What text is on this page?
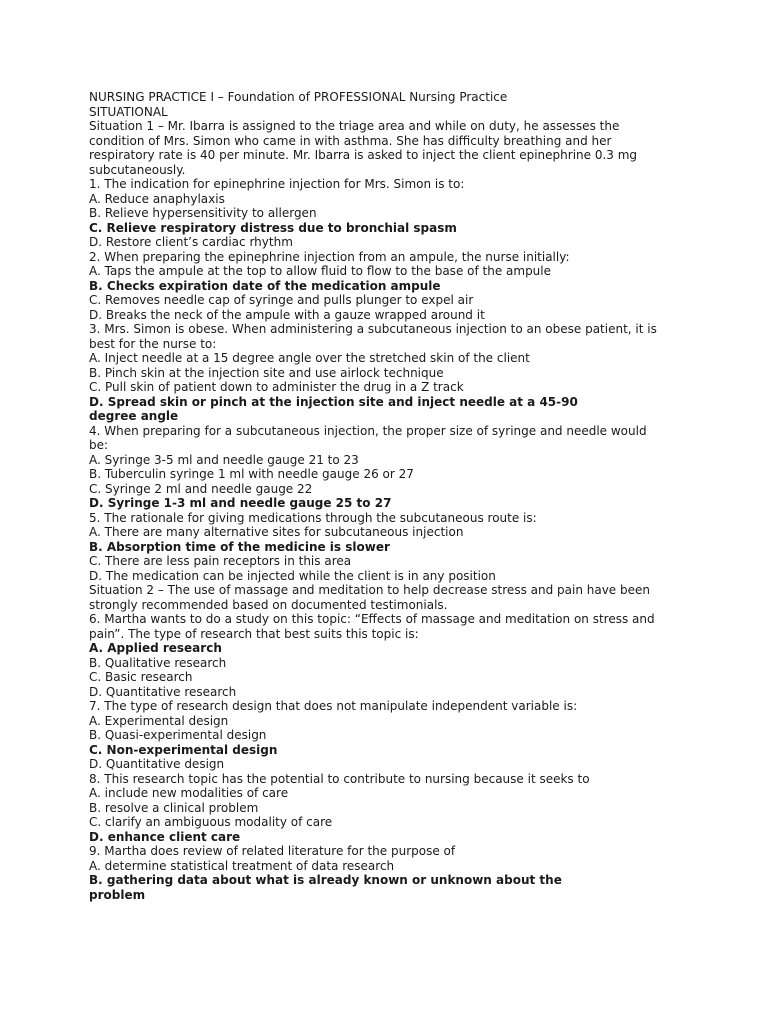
NURSING PRACTICE I – Foundation of PROFESSIONAL Nursing Practice
SITUATIONAL
Situation 1 – Mr. Ibarra is assigned to the triage area and while on duty, he assesses the condition of Mrs. Simon who came in with asthma. She has difficulty breathing and her respiratory rate is 40 per minute. Mr. Ibarra is asked to inject the client epinephrine 0.3 mg subcutaneously.
1. The indication for epinephrine injection for Mrs. Simon is to:
A. Reduce anaphylaxis
B. Relieve hypersensitivity to allergen
C. Relieve respiratory distress due to bronchial spasm
D. Restore client’s cardiac rhythm
2. When preparing the epinephrine injection from an ampule, the nurse initially:
A. Taps the ampule at the top to allow fluid to flow to the base of the ampule
B. Checks expiration date of the medication ampule
C. Removes needle cap of syringe and pulls plunger to expel air
D. Breaks the neck of the ampule with a gauze wrapped around it
3. Mrs. Simon is obese. When administering a subcutaneous injection to an obese patient, it is best for the nurse to:
A. Inject needle at a 15 degree angle over the stretched skin of the client
B. Pinch skin at the injection site and use airlock technique
C. Pull skin of patient down to administer the drug in a Z track
D. Spread skin or pinch at the injection site and inject needle at a 45-90 degree angle
4. When preparing for a subcutaneous injection, the proper size of syringe and needle would be:
A. Syringe 3-5 ml and needle gauge 21 to 23
B. Tuberculin syringe 1 ml with needle gauge 26 or 27
C. Syringe 2 ml and needle gauge 22
D. Syringe 1-3 ml and needle gauge 25 to 27
5. The rationale for giving medications through the subcutaneous route is:
A. There are many alternative sites for subcutaneous injection
B. Absorption time of the medicine is slower
C. There are less pain receptors in this area
D. The medication can be injected while the client is in any position
Situation 2 – The use of massage and meditation to help decrease stress and pain have been strongly recommended based on documented testimonials.
6. Martha wants to do a study on this topic: “Effects of massage and meditation on stress and pain”. The type of research that best suits this topic is:
A. Applied research
B. Qualitative research
C. Basic research
D. Quantitative research
7. The type of research design that does not manipulate independent variable is:
A. Experimental design
B. Quasi-experimental design
C. Non-experimental design
D. Quantitative design
8. This research topic has the potential to contribute to nursing because it seeks to
A. include new modalities of care
B. resolve a clinical problem
C. clarify an ambiguous modality of care
D. enhance client care
9. Martha does review of related literature for the purpose of
A. determine statistical treatment of data research
B. gathering data about what is already known or unknown about the problem
